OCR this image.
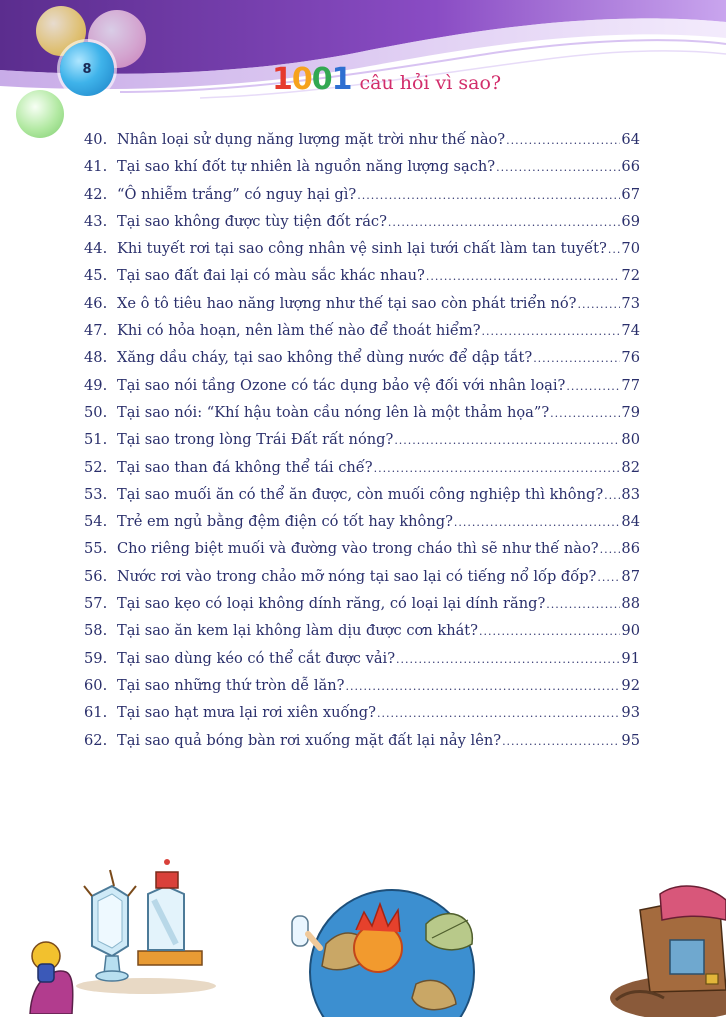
8	1001 câu hỏi vì sao?
40. Nhân loại sử dụng năng lượng mặt trời như thế nào? .....	64
41. Tại sao khí đốt tự nhiên là nguồn năng lượng sạch? .....	66
42. “Ô nhiễm trắng” có nguy hại gì? .....	67
43. Tại sao không được tùy tiện đốt rác? .....	69
44. Khi tuyết rơi tại sao công nhân vệ sinh lại tưới chất làm tan tuyết? ..... 70
45. Tại sao đất đai lại có màu sắc khác nhau? .....	72
46. Xe ô tô tiêu hao năng lượng như thế tại sao còn phát triển nó? .....	73
47. Khi có hỏa hoạn, nên làm thế nào để thoát hiểm? .....	74
48. Xăng dầu cháy, tại sao không thể dùng nước để dập tắt? .....	76
49. Tại sao nói tầng Ozone có tác dụng bảo vệ đối với nhân loại? .....	77
50. Tại sao nói: “Khí hậu toàn cầu nóng lên là một thảm họa”? .....	79
51. Tại sao trong lòng Trái Đất rất nóng? .....	80
52. Tại sao than đá không thể tái chế? .....	82
53. Tại sao muối ăn có thể ăn được, còn muối công nghiệp thì không? ..... 83
54. Trẻ em ngủ bằng đệm điện có tốt hay không? .....	84
55. Cho riêng biệt muối và đường vào trong cháo thì sẽ như thế nào? ..... 86
56. Nước rơi vào trong chảo mỡ nóng tại sao lại có tiếng nổ lốp đốp? ..... 87
57. Tại sao kẹo có loại không dính răng, có loại lại dính răng? .....	88
58. Tại sao ăn kem lại không làm dịu được cơn khát? .....	90
59. Tại sao dùng kéo có thể cắt được vải? .....	91
60. Tại sao những thứ tròn dễ lăn? .....	92
61. Tại sao hạt mưa lại rơi xiên xuống? .....	93
62. Tại sao quả bóng bàn rơi xuống mặt đất lại nảy lên? .....	95
